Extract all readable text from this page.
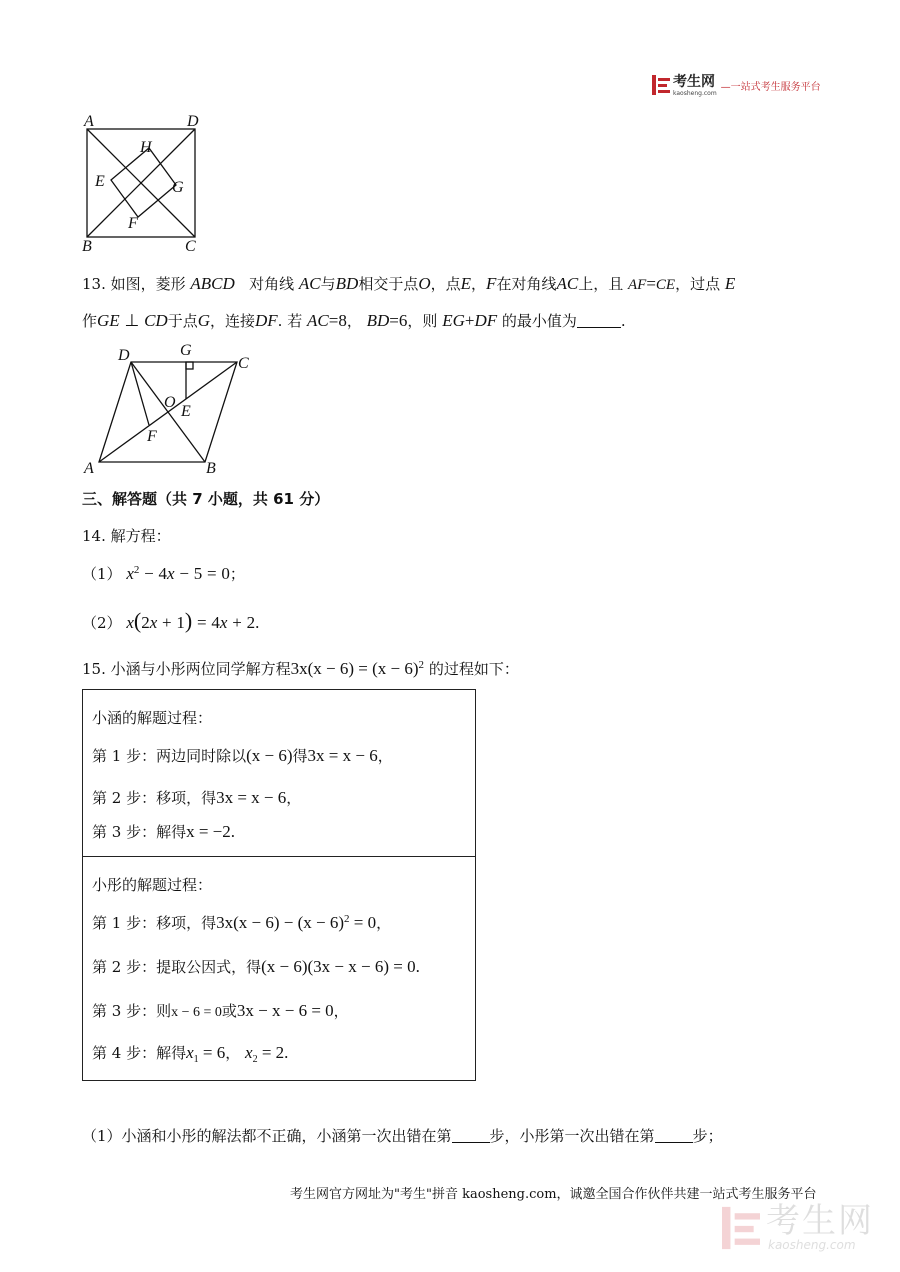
考生网
kaosheng.com
—一站式考生服务平台
A	D
H
E	G
F
B	C
13. 如图，菱形 ABCD 对角线 AC与BD相交于点O，点E，F在对角线AC上，且 AF=CE，过点 E
作GE ⊥ CD于点G，连接DF. 若 AC=8， BD=6，则 EG+DF 的最小值为	.
D	G
C
O
E
F
A	B
三、解答题（共 7 小题，共 61 分）
14. 解方程：
（1） $x^2 - 4x - 5 = 0$；
（2） x(2x + 1) = 4x + 2.
15. 小涵与小彤两位同学解方程$3x(x - 6) = (x - 6)^2$ 的过程如下：
小涵的解题过程：
第 1 步：两边同时除以(x − 6)得3x = x − 6，
第 2 步：移项，得3x = x − 6，
第 3 步：解得x = −2.
小彤的解题过程：
第 1 步：移项，得$3x(x - 6) - (x - 6)^2 = 0$，
第 2 步：提取公因式，得(x − 6)(3x − x − 6) = 0.
第 3 步：则x − 6 = 0或3x − x − 6 = 0，
第 4 步：解得$x_1 = 6$， $x_2 = 2$.
（1）小涵和小彤的解法都不正确，小涵第一次出错在第	步，小彤第一次出错在第	步；
考生网官方网址为"考生"拼音 kaosheng.com，诚邀全国合作伙伴共建一站式考生服务平台
考生网
kaosheng.com
